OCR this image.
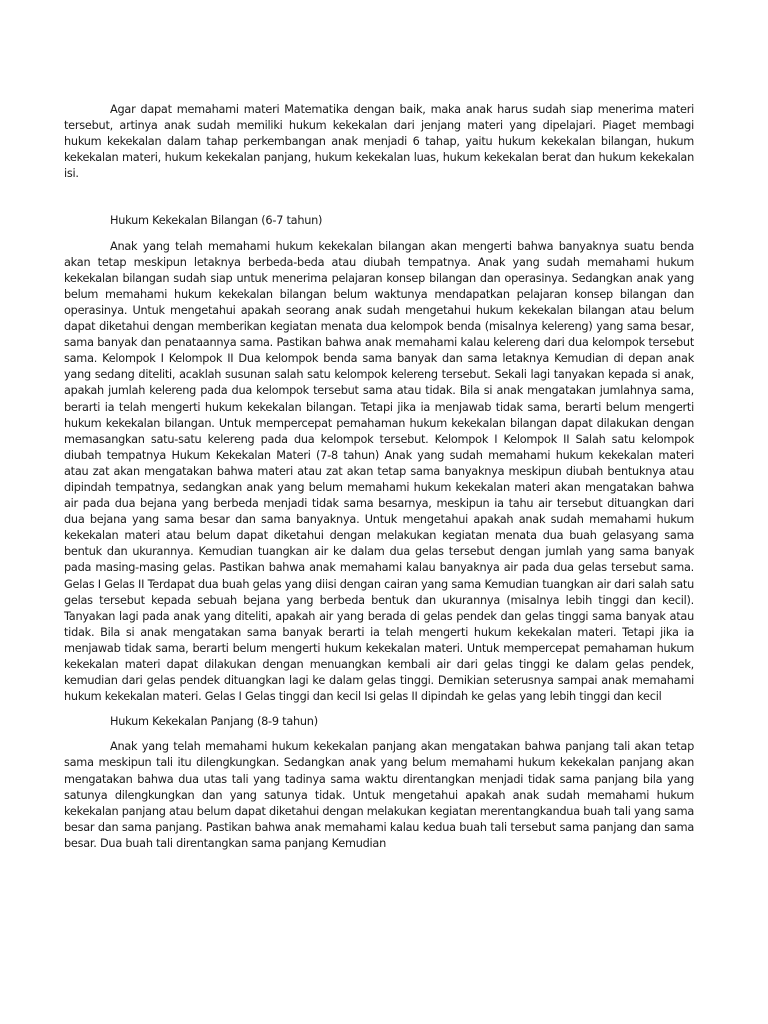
Agar dapat memahami materi Matematika dengan baik, maka anak harus sudah siap menerima materi tersebut, artinya anak sudah memiliki hukum kekekalan dari jenjang materi yang dipelajari. Piaget membagi hukum kekekalan dalam tahap perkembangan anak menjadi 6 tahap, yaitu hukum kekekalan bilangan, hukum kekekalan materi, hukum kekekalan panjang, hukum kekekalan luas, hukum kekekalan berat dan hukum kekekalan isi.

Hukum Kekekalan Bilangan (6-7 tahun)

Anak yang telah memahami hukum kekekalan bilangan akan mengerti bahwa banyaknya suatu benda akan tetap meskipun letaknya berbeda-beda atau diubah tempatnya. Anak yang sudah memahami hukum kekekalan bilangan sudah siap untuk menerima pelajaran konsep bilangan dan operasinya. Sedangkan anak yang belum memahami hukum kekekalan bilangan belum waktunya mendapatkan pelajaran konsep bilangan dan operasinya. Untuk mengetahui apakah seorang anak sudah mengetahui hukum kekekalan bilangan atau belum dapat diketahui dengan memberikan kegiatan menata dua kelompok benda (misalnya kelereng) yang sama besar, sama banyak dan penataannya sama. Pastikan bahwa anak memahami kalau kelereng dari dua kelompok tersebut sama. Kelompok I Kelompok II Dua kelompok benda sama banyak dan sama letaknya Kemudian di depan anak yang sedang diteliti, acaklah susunan salah satu kelompok kelereng tersebut. Sekali lagi tanyakan kepada si anak, apakah jumlah kelereng pada dua kelompok tersebut sama atau tidak. Bila si anak mengatakan jumlahnya sama, berarti ia telah mengerti hukum kekekalan bilangan. Tetapi jika ia menjawab tidak sama, berarti belum mengerti hukum kekekalan bilangan. Untuk mempercepat pemahaman hukum kekekalan bilangan dapat dilakukan dengan memasangkan satu-satu kelereng pada dua kelompok tersebut. Kelompok I Kelompok II Salah satu kelompok diubah tempatnya Hukum Kekekalan Materi (7-8 tahun) Anak yang sudah memahami hukum kekekalan materi atau zat akan mengatakan bahwa materi atau zat akan tetap sama banyaknya meskipun diubah bentuknya atau dipindah tempatnya, sedangkan anak yang belum memahami hukum kekekalan materi akan mengatakan bahwa air pada dua bejana yang berbeda menjadi tidak sama besarnya, meskipun ia tahu air tersebut dituangkan dari dua bejana yang sama besar dan sama banyaknya. Untuk mengetahui apakah anak sudah memahami hukum kekekalan materi atau belum dapat diketahui dengan melakukan kegiatan menata dua buah gelasyang sama bentuk dan ukurannya. Kemudian tuangkan air ke dalam dua gelas tersebut dengan jumlah yang sama banyak pada masing-masing gelas. Pastikan bahwa anak memahami kalau banyaknya air pada dua gelas tersebut sama. Gelas I Gelas II Terdapat dua buah gelas yang diisi dengan cairan yang sama Kemudian tuangkan air dari salah satu gelas tersebut kepada sebuah bejana yang berbeda bentuk dan ukurannya (misalnya lebih tinggi dan kecil). Tanyakan lagi pada anak yang diteliti, apakah air yang berada di gelas pendek dan gelas tinggi sama banyak atau tidak. Bila si anak mengatakan sama banyak berarti ia telah mengerti hukum kekekalan materi. Tetapi jika ia menjawab tidak sama, berarti belum mengerti hukum kekekalan materi. Untuk mempercepat pemahaman hukum kekekalan materi dapat dilakukan dengan menuangkan kembali air dari gelas tinggi ke dalam gelas pendek, kemudian dari gelas pendek dituangkan lagi ke dalam gelas tinggi. Demikian seterusnya sampai anak memahami hukum kekekalan materi. Gelas I Gelas tinggi dan kecil Isi gelas II dipindah ke gelas yang lebih tinggi dan kecil

Hukum Kekekalan Panjang (8-9 tahun)

Anak yang telah memahami hukum kekekalan panjang akan mengatakan bahwa panjang tali akan tetap sama meskipun tali itu dilengkungkan. Sedangkan anak yang belum memahami hukum kekekalan panjang akan mengatakan bahwa dua utas tali yang tadinya sama waktu direntangkan menjadi tidak sama panjang bila yang satunya dilengkungkan dan yang satunya tidak. Untuk mengetahui apakah anak sudah memahami hukum kekekalan panjang atau belum dapat diketahui dengan melakukan kegiatan merentangkandua buah tali yang sama besar dan sama panjang. Pastikan bahwa anak memahami kalau kedua buah tali tersebut sama panjang dan sama besar. Dua buah tali direntangkan sama panjang Kemudian
